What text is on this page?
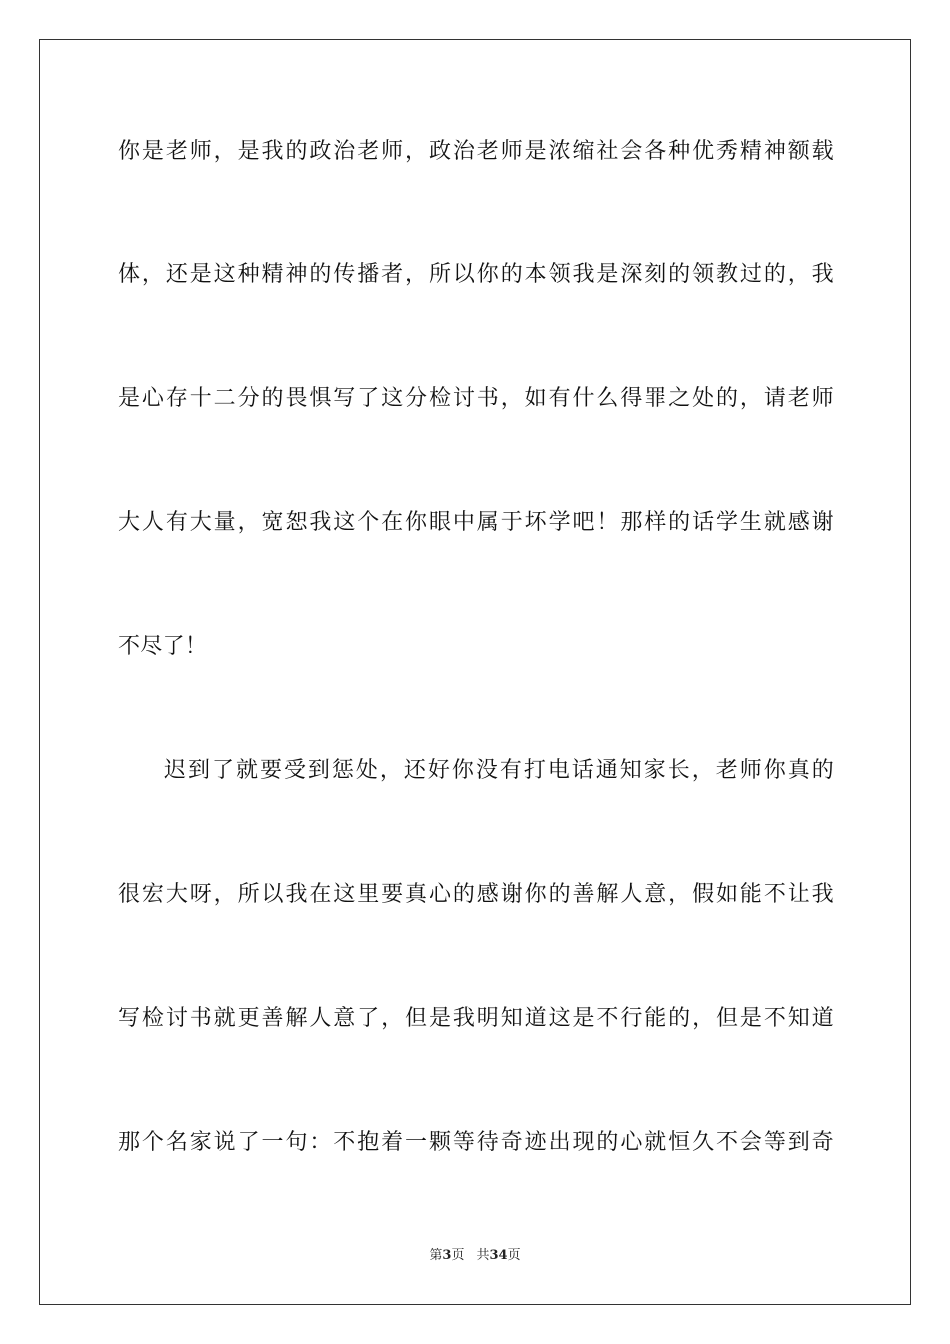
你是老师，是我的政治老师，政治老师是浓缩社会各种优秀精神额载
体，还是这种精神的传播者，所以你的本领我是深刻的领教过的，我
是心存十二分的畏惧写了这分检讨书，如有什么得罪之处的，请老师
大人有大量，宽恕我这个在你眼中属于坏学吧！那样的话学生就感谢
不尽了！
迟到了就要受到惩处，还好你没有打电话通知家长，老师你真的
很宏大呀，所以我在这里要真心的感谢你的善解人意，假如能不让我
写检讨书就更善解人意了，但是我明知道这是不行能的，但是不知道
那个名家说了一句：不抱着一颗等待奇迹出现的心就恒久不会等到奇
第3页 共34页
